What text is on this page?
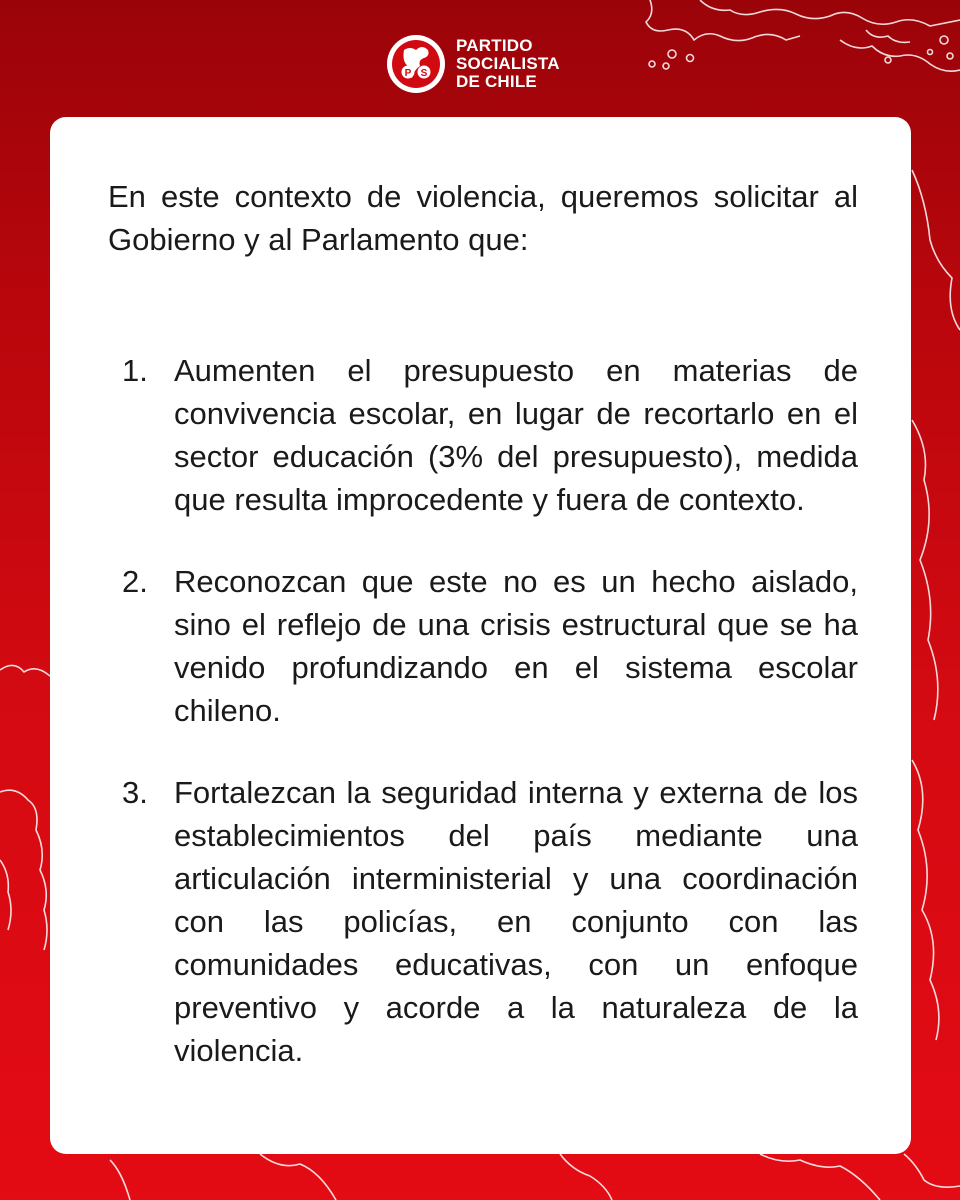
P S
PARTIDO
SOCIALISTA
DE CHILE

En este contexto de violencia, queremos solicitar al Gobierno y al Parlamento que:

1. Aumenten el presupuesto en materias de convivencia escolar, en lugar de recortarlo en el sector educación (3% del presupuesto), medida que resulta improcedente y fuera de contexto.
2. Reconozcan que este no es un hecho aislado, sino el reflejo de una crisis estructural que se ha venido profundizando en el sistema escolar chileno.
3. Fortalezcan la seguridad interna y externa de los establecimientos del país mediante una articulación interministerial y una coordinación con las policías, en conjunto con las comunidades educativas, con un enfoque preventivo y acorde a la naturaleza de la violencia.
